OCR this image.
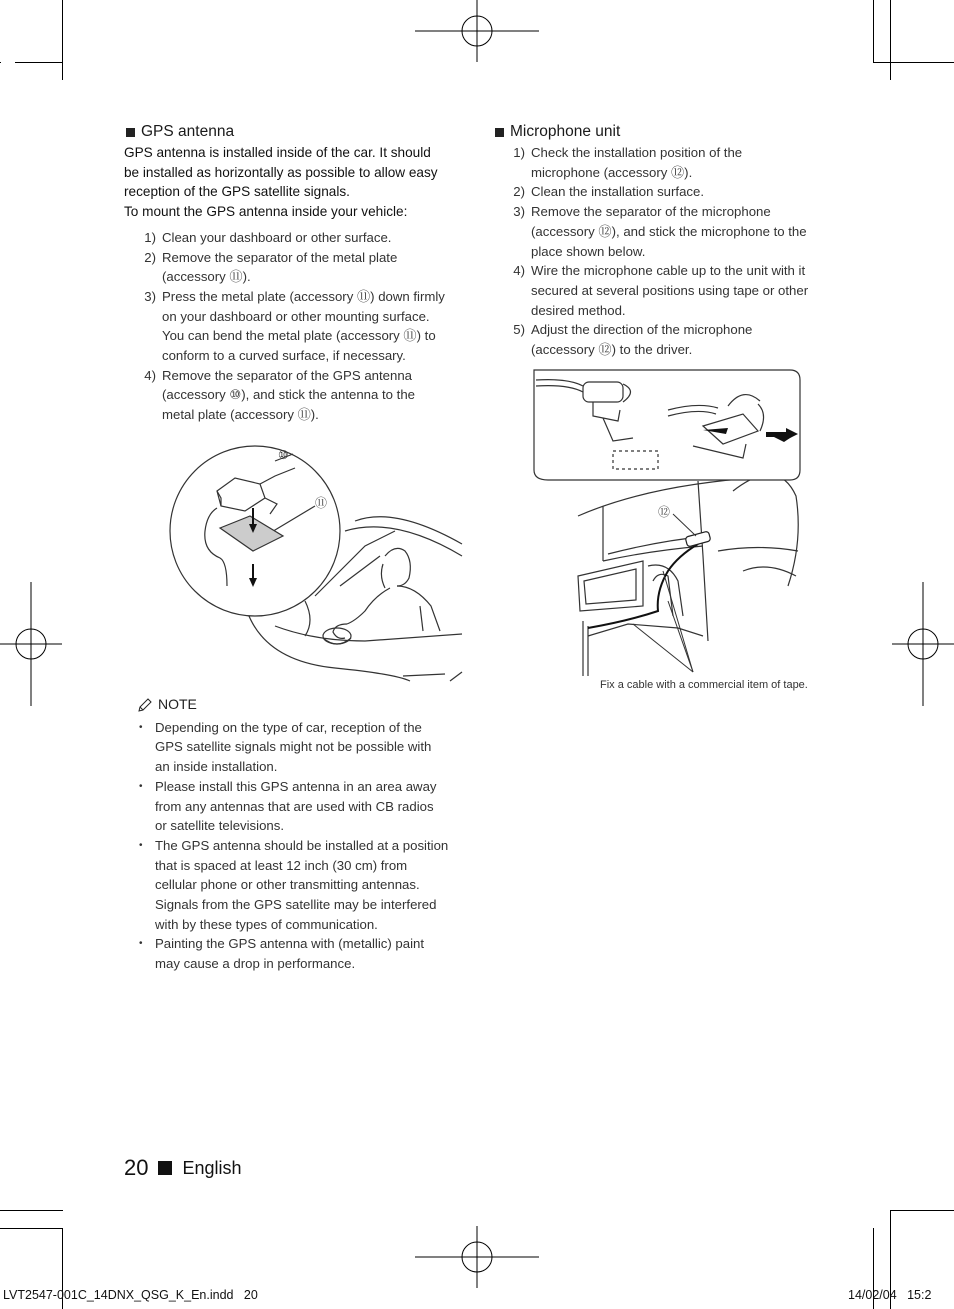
GPS antenna
GPS antenna is installed inside of the car. It should
be installed as horizontally as possible to allow easy
reception of the GPS satellite signals.
To mount the GPS antenna inside your vehicle:
1) Clean your dashboard or other surface.
2) Remove the separator of the metal plate
(accessory ⑪).
3) Press the metal plate (accessory ⑪) down firmly
on your dashboard or other mounting surface.
You can bend the metal plate (accessory ⑪) to
conform to a curved surface, if necessary.
4) Remove the separator of the GPS antenna
(accessory ⑩), and stick the antenna to the
metal plate (accessory ⑪).
⑩
⑪
NOTE
• Depending on the type of car, reception of the
GPS satellite signals might not be possible with
an inside installation.
• Please install this GPS antenna in an area away
from any antennas that are used with CB radios
or satellite televisions.
• The GPS antenna should be installed at a position
that is spaced at least 12 inch (30 cm) from
cellular phone or other transmitting antennas.
Signals from the GPS satellite may be interfered
with by these types of communication.
• Painting the GPS antenna with (metallic) paint
may cause a drop in performance.
Microphone unit
1) Check the installation position of the
microphone (accessory ⑫).
2) Clean the installation surface.
3) Remove the separator of the microphone
(accessory ⑫), and stick the microphone to the
place shown below.
4) Wire the microphone cable up to the unit with it
secured at several positions using tape or other
desired method.
5) Adjust the direction of the microphone
(accessory ⑫) to the driver.
⑫
Fix a cable with a commercial item of tape.
20 English
LVT2547-001C_14DNX_QSG_K_En.indd   20	14/02/04   15:2
